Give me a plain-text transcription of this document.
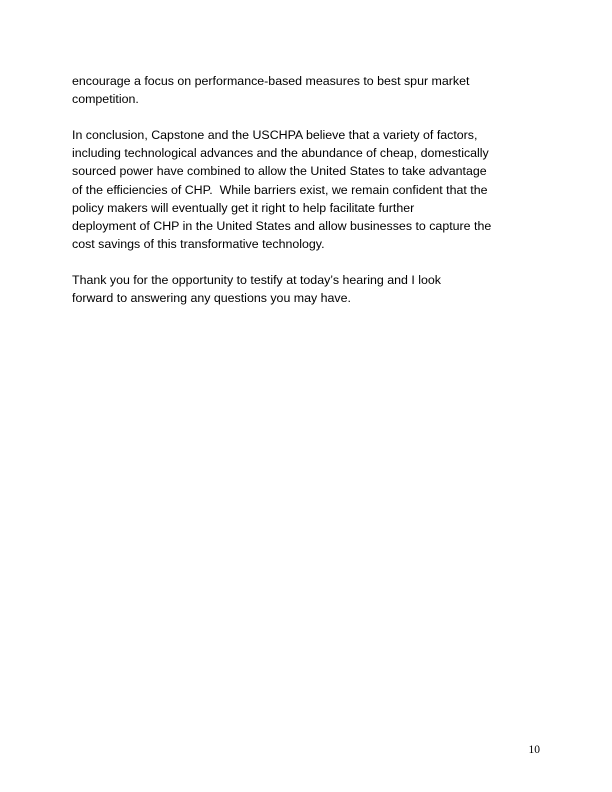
encourage a focus on performance-based measures to best spur market
competition.

In conclusion, Capstone and the USCHPA believe that a variety of factors,
including technological advances and the abundance of cheap, domestically
sourced power have combined to allow the United States to take advantage
of the efficiencies of CHP.  While barriers exist, we remain confident that the
policy makers will eventually get it right to help facilitate further
deployment of CHP in the United States and allow businesses to capture the
cost savings of this transformative technology.

Thank you for the opportunity to testify at today’s hearing and I look
forward to answering any questions you may have.

10
